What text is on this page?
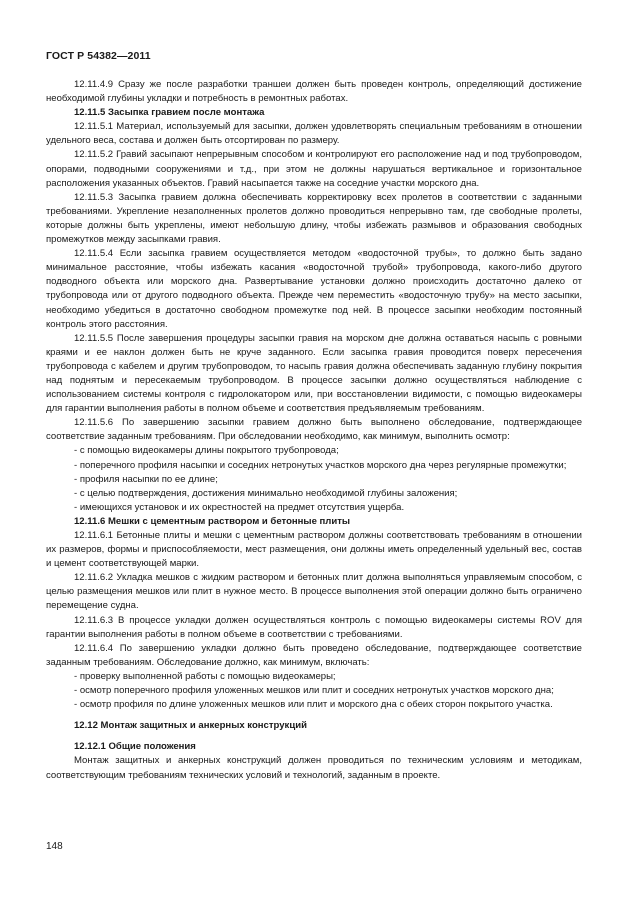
ГОСТ Р 54382—2011

12.11.4.9 Сразу же после разработки траншеи должен быть проведен контроль, определяющий достижение необходимой глубины укладки и потребность в ремонтных работах.

12.11.5 Засыпка гравием после монтажа

12.11.5.1 Материал, используемый для засыпки, должен удовлетворять специальным требованиям в отношении удельного веса, состава и должен быть отсортирован по размеру.

12.11.5.2 Гравий засыпают непрерывным способом и контролируют его расположение над и под трубопроводом, опорами, подводными сооружениями и т.д., при этом не должны нарушаться вертикальное и горизонтальное расположения указанных объектов. Гравий насыпается также на соседние участки морского дна.

12.11.5.3 Засыпка гравием должна обеспечивать корректировку всех пролетов в соответствии с заданными требованиями. Укрепление незаполненных пролетов должно проводиться непрерывно там, где свободные пролеты, которые должны быть укреплены, имеют небольшую длину, чтобы избежать размывов и образования свободных промежутков между засыпками гравия.

12.11.5.4 Если засыпка гравием осуществляется методом «водосточной трубы», то должно быть задано минимальное расстояние, чтобы избежать касания «водосточной трубой» трубопровода, какого-либо другого подводного объекта или морского дна. Развертывание установки должно происходить достаточно далеко от трубопровода или от другого подводного объекта. Прежде чем переместить «водосточную трубу» на место засыпки, необходимо убедиться в достаточно свободном промежутке под ней. В процессе засыпки необходим постоянный контроль этого расстояния.

12.11.5.5 После завершения процедуры засыпки гравия на морском дне должна оставаться насыпь с ровными краями и ее наклон должен быть не круче заданного. Если засыпка гравия проводится поверх пересечения трубопровода с кабелем и другим трубопроводом, то насыпь гравия должна обеспечивать заданную глубину покрытия над поднятым и пересекаемым трубопроводом. В процессе засыпки должно осуществляться наблюдение с использованием системы контроля с гидролокатором или, при восстановлении видимости, с помощью видеокамеры для гарантии выполнения работы в полном объеме и соответствия предъявляемым требованиям.

12.11.5.6 По завершению засыпки гравием должно быть выполнено обследование, подтверждающее соответствие заданным требованиям. При обследовании необходимо, как минимум, выполнить осмотр:

- с помощью видеокамеры длины покрытого трубопровода;

- поперечного профиля насыпки и соседних нетронутых участков морского дна через регулярные промежутки;

- профиля насыпки по ее длине;

- с целью подтверждения, достижения минимально необходимой глубины заложения;

- имеющихся установок и их окрестностей на предмет отсутствия ущерба.

12.11.6 Мешки с цементным раствором и бетонные плиты

12.11.6.1 Бетонные плиты и мешки с цементным раствором должны соответствовать требованиям в отношении их размеров, формы и приспособляемости, мест размещения, они должны иметь определенный удельный вес, состав и цемент соответствующей марки.

12.11.6.2 Укладка мешков с жидким раствором и бетонных плит должна выполняться управляемым способом, с целью размещения мешков или плит в нужное место. В процессе выполнения этой операции должно быть ограничено перемещение судна.

12.11.6.3 В процессе укладки должен осуществляться контроль с помощью видеокамеры системы ROV для гарантии выполнения работы в полном объеме в соответствии с требованиями.

12.11.6.4 По завершению укладки должно быть проведено обследование, подтверждающее соответствие заданным требованиям. Обследование должно, как минимум, включать:

- проверку выполненной работы с помощью видеокамеры;

- осмотр поперечного профиля уложенных мешков или плит и соседних нетронутых участков морского дна;

- осмотр профиля по длине уложенных мешков или плит и морского дна с обеих сторон покрытого участка.

12.12 Монтаж защитных и анкерных конструкций

12.12.1 Общие положения

Монтаж защитных и анкерных конструкций должен проводиться по техническим условиям и методикам, соответствующим требованиям технических условий и технологий, заданным в проекте.

148
